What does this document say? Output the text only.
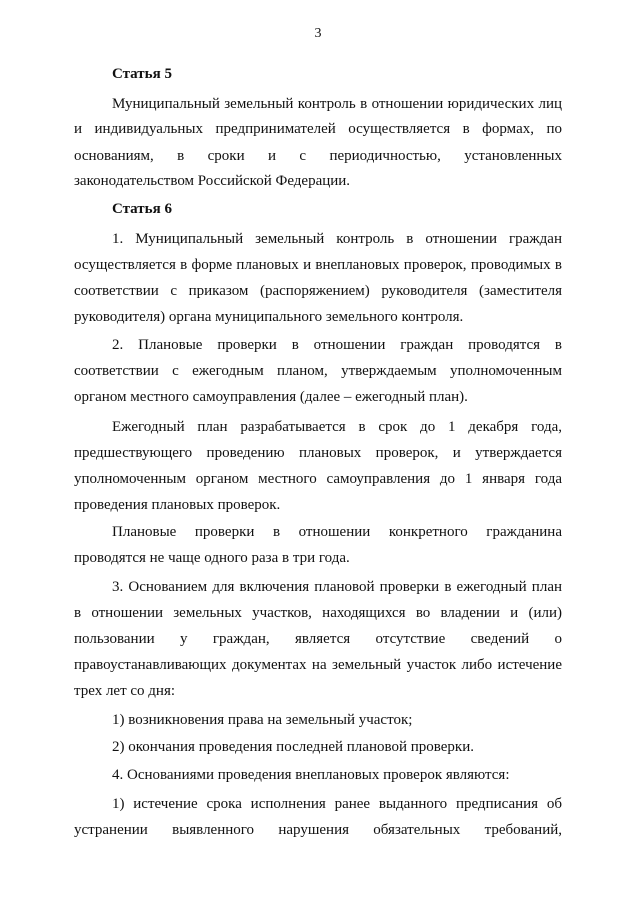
3
Статья 5
Муниципальный земельный контроль в отношении юридических лиц
и индивидуальных предпринимателей осуществляется в формах, по
основаниям, в сроки и с периодичностью, установленных
законодательством Российской Федерации.
Статья 6
1. Муниципальный земельный контроль в отношении граждан
осуществляется в форме плановых и внеплановых проверок, проводимых в
соответствии с приказом (распоряжением) руководителя (заместителя
руководителя) органа муниципального земельного контроля.
2. Плановые проверки в отношении граждан проводятся в
соответствии с ежегодным планом, утверждаемым уполномоченным
органом местного самоуправления (далее – ежегодный план).
Ежегодный план разрабатывается в срок до 1 декабря года,
предшествующего проведению плановых проверок, и утверждается
уполномоченным органом местного самоуправления до 1 января года
проведения плановых проверок.
Плановые проверки в отношении конкретного гражданина
проводятся не чаще одного раза в три года.
3. Основанием для включения плановой проверки в ежегодный план
в отношении земельных участков, находящихся во владении и (или)
пользовании у граждан, является отсутствие сведений о
правоустанавливающих документах на земельный участок либо истечение
трех лет со дня:
1) возникновения права на земельный участок;
2) окончания проведения последней плановой проверки.
4. Основаниями проведения внеплановых проверок являются:
1) истечение срока исполнения ранее выданного предписания об
устранении выявленного нарушения обязательных требований,
